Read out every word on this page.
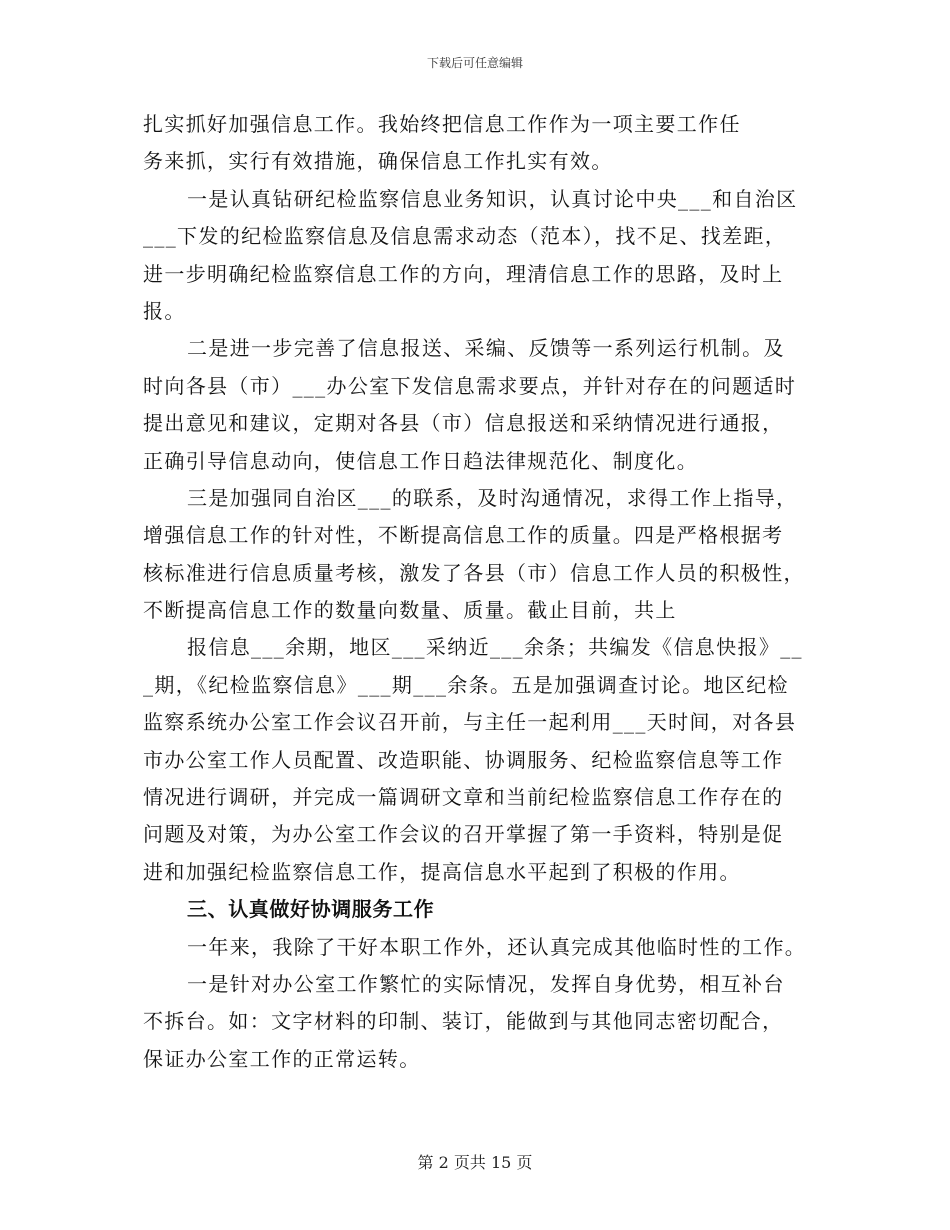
下载后可任意编辑
扎实抓好加强信息工作。我始终把信息工作作为一项主要工作任
务来抓，实行有效措施，确保信息工作扎实有效。
一是认真钻研纪检监察信息业务知识，认真讨论中央___和自治区
___下发的纪检监察信息及信息需求动态（范本），找不足、找差距，
进一步明确纪检监察信息工作的方向，理清信息工作的思路，及时上
报。
二是进一步完善了信息报送、采编、反馈等一系列运行机制。及
时向各县（市）___办公室下发信息需求要点，并针对存在的问题适时
提出意见和建议，定期对各县（市）信息报送和采纳情况进行通报，
正确引导信息动向，使信息工作日趋法律规范化、制度化。
三是加强同自治区___的联系，及时沟通情况，求得工作上指导，
增强信息工作的针对性，不断提高信息工作的质量。四是严格根据考
核标准进行信息质量考核，激发了各县（市）信息工作人员的积极性，
不断提高信息工作的数量向数量、质量。截止目前，共上
报信息___余期，地区___采纳近___余条；共编发《信息快报》__
_期，《纪检监察信息》___期___余条。五是加强调查讨论。地区纪检
监察系统办公室工作会议召开前，与主任一起利用___天时间，对各县
市办公室工作人员配置、改造职能、协调服务、纪检监察信息等工作
情况进行调研，并完成一篇调研文章和当前纪检监察信息工作存在的
问题及对策，为办公室工作会议的召开掌握了第一手资料，特别是促
进和加强纪检监察信息工作，提高信息水平起到了积极的作用。
三、认真做好协调服务工作
一年来，我除了干好本职工作外，还认真完成其他临时性的工作。
一是针对办公室工作繁忙的实际情况，发挥自身优势，相互补台
不拆台。如：文字材料的印制、装订，能做到与其他同志密切配合，
保证办公室工作的正常运转。
第 2 页共 15 页
